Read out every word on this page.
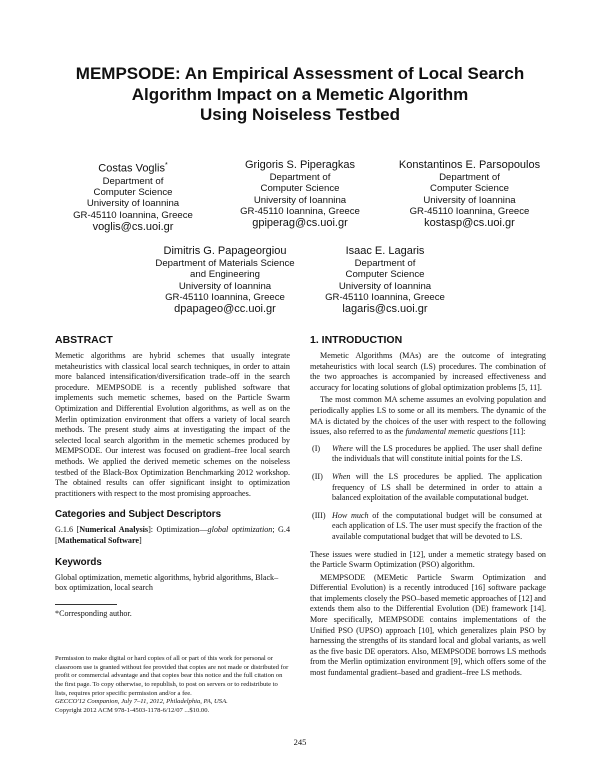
MEMPSODE: An Empirical Assessment of Local Search
Algorithm Impact on a Memetic Algorithm
Using Noiseless Testbed
Costas Voglis*
Department of
Computer Science
University of Ioannina
GR-45110 Ioannina, Greece
voglis@cs.uoi.gr
Grigoris S. Piperagkas
Department of
Computer Science
University of Ioannina
GR-45110 Ioannina, Greece
gpiperag@cs.uoi.gr
Konstantinos E. Parsopoulos
Department of
Computer Science
University of Ioannina
GR-45110 Ioannina, Greece
kostasp@cs.uoi.gr
Dimitris G. Papageorgiou
Department of Materials Science
and Engineering
University of Ioannina
GR-45110 Ioannina, Greece
dpapageo@cc.uoi.gr
Isaac E. Lagaris
Department of
Computer Science
University of Ioannina
GR-45110 Ioannina, Greece
lagaris@cs.uoi.gr
ABSTRACT

Memetic algorithms are hybrid schemes that usually integrate metaheuristics with classical local search techniques, in order to attain more balanced intensification/diversification trade–off in the search procedure. MEMPSODE is a recently published software that implements such memetic schemes, based on the Particle Swarm Optimization and Differential Evolution algorithms, as well as on the Merlin optimization environment that offers a variety of local search methods. The present study aims at investigating the impact of the selected local search algorithm in the memetic schemes produced by MEMPSODE. Our interest was focused on gradient–free local search methods. We applied the derived memetic schemes on the noiseless testbed of the Black-Box Optimization Benchmarking 2012 workshop. The obtained results can offer significant insight to optimization practitioners with respect to the most promising approaches.

Categories and Subject Descriptors

G.1.6 [Numerical Analysis]: Optimization—global optimization; G.4 [Mathematical Software]

Keywords

Global optimization, memetic algorithms, hybrid algorithms, Black–box optimization, local search

*Corresponding author.

Permission to make digital or hard copies of all or part of this work for personal or classroom use is granted without fee provided that copies are not made or distributed for profit or commercial advantage and that copies bear this notice and the full citation on the first page. To copy otherwise, to republish, to post on servers or to redistribute to lists, requires prior specific permission and/or a fee.

GECCO'12 Companion, July 7–11, 2012, Philadelphia, PA, USA.

Copyright 2012 ACM 978-1-4503-1178-6/12/07 ...$10.00.

1. INTRODUCTION

Memetic Algorithms (MAs) are the outcome of integrating metaheuristics with local search (LS) procedures. The combination of the two approaches is accompanied by increased effectiveness and accuracy for locating solutions of global optimization problems [5, 11].

The most common MA scheme assumes an evolving population and periodically applies LS to some or all its members. The dynamic of the MA is dictated by the choices of the user with respect to the following issues, also referred to as the fundamental memetic questions [11]:

(I) Where will the LS procedures be applied. The user shall define the individuals that will constitute initial points for the LS.
(II) When will the LS procedures be applied. The application frequency of LS shall be determined in order to attain a balanced exploitation of the available computational budget.
(III) How much of the computational budget will be consumed at each application of LS. The user must specify the fraction of the available computational budget that will be devoted to LS.

These issues were studied in [12], under a memetic strategy based on the Particle Swarm Optimization (PSO) algorithm.

MEMPSODE (MEMetic Particle Swarm Optimization and Differential Evolution) is a recently introduced [16] software package that implements closely the PSO–based memetic approaches of [12] and extends them also to the Differential Evolution (DE) framework [14]. More specifically, MEMPSODE contains implementations of the Unified PSO (UPSO) approach [10], which generalizes plain PSO by harnessing the strengths of its standard local and global variants, as well as the five basic DE operators. Also, MEMPSODE borrows LS methods from the Merlin optimization environment [9], which offers some of the most fundamental gradient–based and gradient–free LS methods.

245
